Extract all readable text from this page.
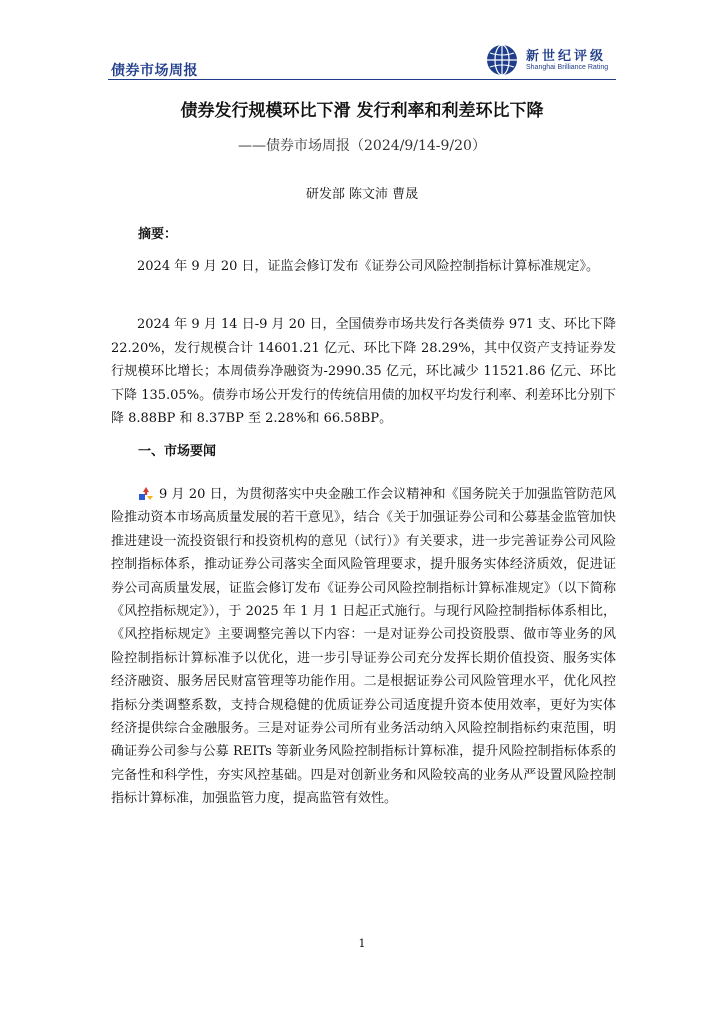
债券市场周报
新世纪评级
Shanghai Brilliance Rating
债券发行规模环比下滑 发行利率和利差环比下降
——债券市场周报（2024/9/14-9/20）
研发部 陈文沛 曹晟
摘要：
2024 年 9 月 20 日，证监会修订发布《证券公司风险控制指标计算标准规定》。
2024 年 9 月 14 日-9 月 20 日，全国债券市场共发行各类债券 971 支、环比下降 22.20%，发行规模合计 14601.21 亿元、环比下降 28.29%，其中仅资产支持证券发行规模环比增长；本周债券净融资为-2990.35 亿元，环比减少 11521.86 亿元、环比下降 135.05%。债券市场公开发行的传统信用债的加权平均发行利率、利差环比分别下降 8.88BP 和 8.37BP 至 2.28%和 66.58BP。
一、市场要闻
9 月 20 日，为贯彻落实中央金融工作会议精神和《国务院关于加强监管防范风险推动资本市场高质量发展的若干意见》，结合《关于加强证券公司和公募基金监管加快推进建设一流投资银行和投资机构的意见（试行）》有关要求，进一步完善证券公司风险控制指标体系，推动证券公司落实全面风险管理要求，提升服务实体经济质效，促进证券公司高质量发展，证监会修订发布《证券公司风险控制指标计算标准规定》（以下简称《风控指标规定》），于 2025 年 1 月 1 日起正式施行。与现行风险控制指标体系相比，《风控指标规定》主要调整完善以下内容：一是对证券公司投资股票、做市等业务的风险控制指标计算标准予以优化，进一步引导证券公司充分发挥长期价值投资、服务实体经济融资、服务居民财富管理等功能作用。二是根据证券公司风险管理水平，优化风控指标分类调整系数，支持合规稳健的优质证券公司适度提升资本使用效率，更好为实体经济提供综合金融服务。三是对证券公司所有业务活动纳入风险控制指标约束范围，明确证券公司参与公募 REITs 等新业务风险控制指标计算标准，提升风险控制指标体系的完备性和科学性，夯实风控基础。四是对创新业务和风险较高的业务从严设置风险控制指标计算标准，加强监管力度，提高监管有效性。
1
